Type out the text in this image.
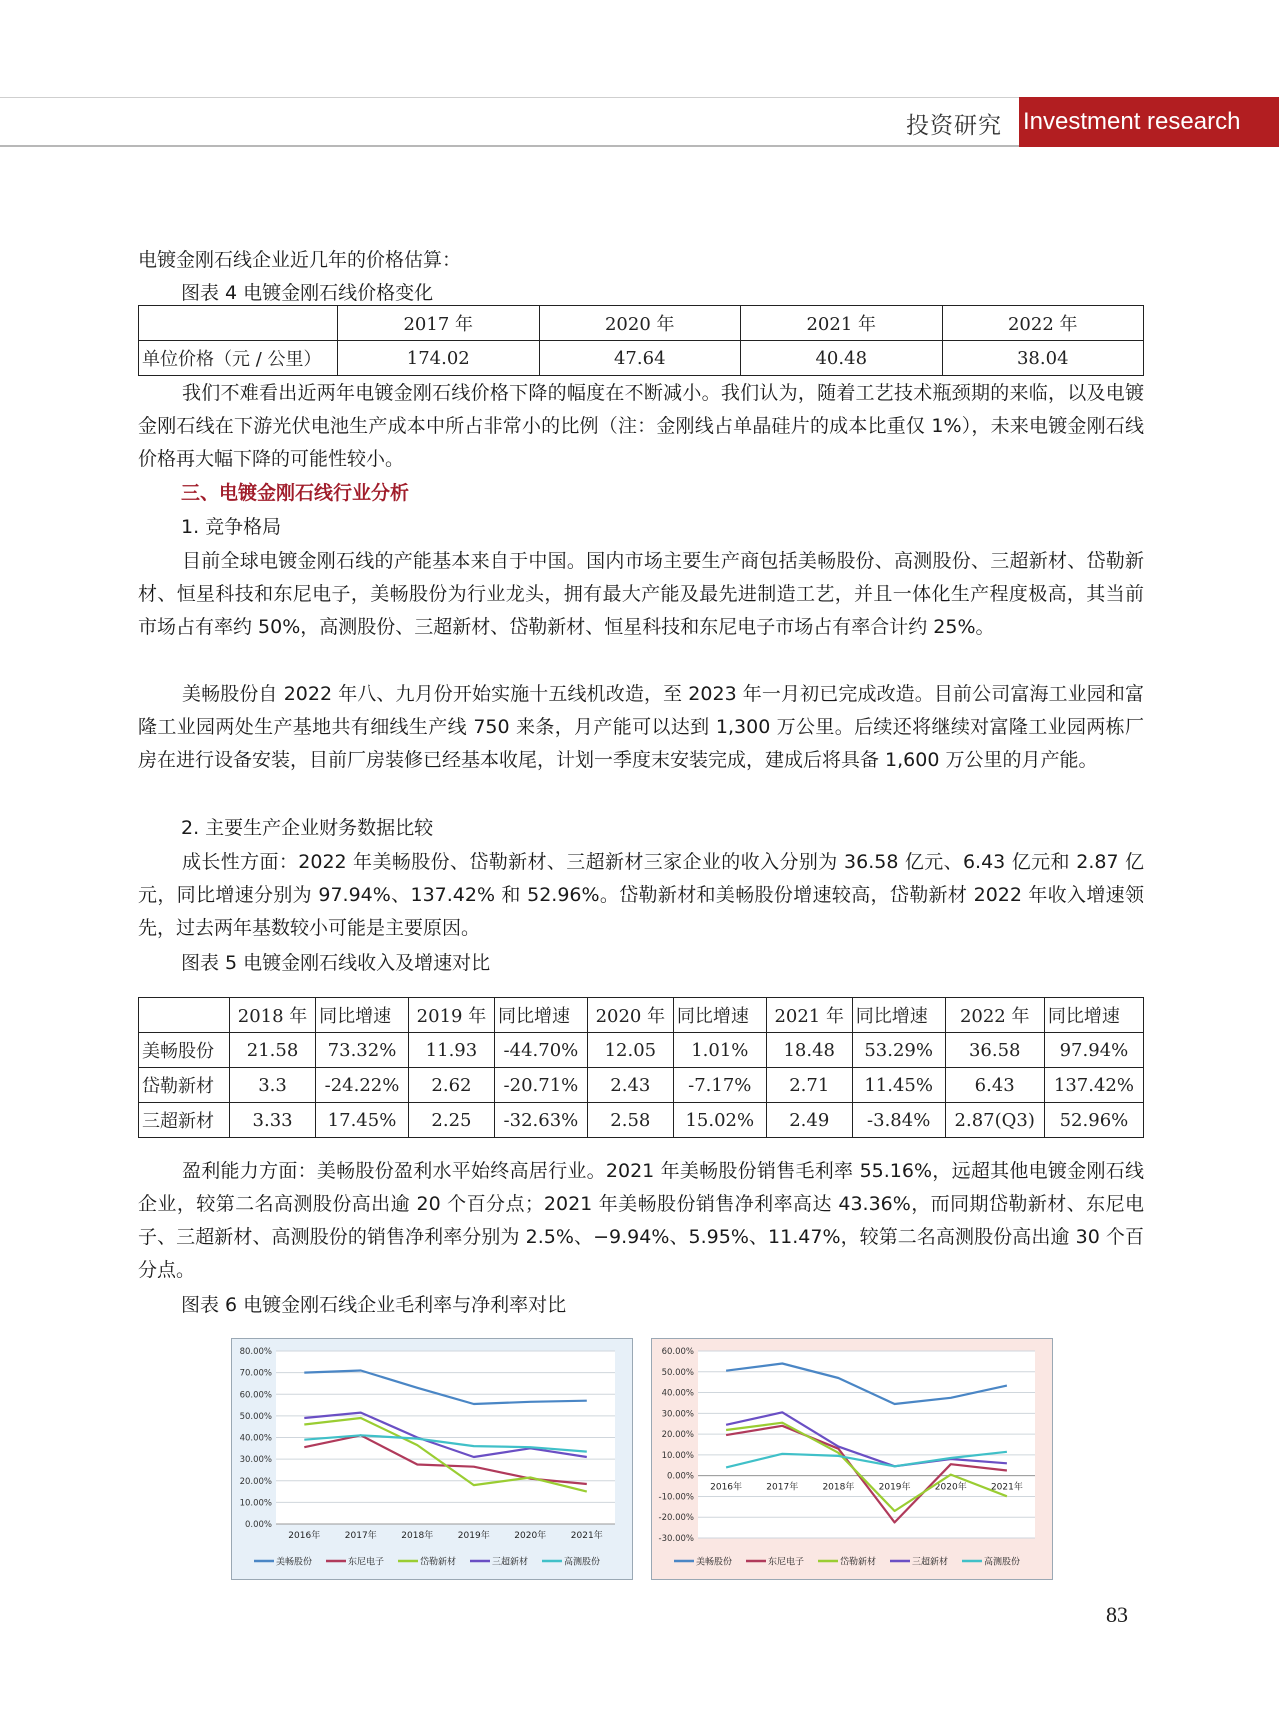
投资研究 Investment research
电镀金刚石线企业近几年的价格估算：
图表 4 电镀金刚石线价格变化
	2017 年	2020 年	2021 年	2022 年
单位价格（元 / 公里）	174.02	47.64	40.48	38.04
我们不难看出近两年电镀金刚石线价格下降的幅度在不断减小。我们认为，随着工艺技术瓶颈期的来临，以及电镀金刚石线在下游光伏电池生产成本中所占非常小的比例（注：金刚线占单晶硅片的成本比重仅 1%），未来电镀金刚石线价格再大幅下降的可能性较小。
三、电镀金刚石线行业分析
1. 竞争格局
目前全球电镀金刚石线的产能基本来自于中国。国内市场主要生产商包括美畅股份、高测股份、三超新材、岱勒新材、恒星科技和东尼电子，美畅股份为行业龙头，拥有最大产能及最先进制造工艺，并且一体化生产程度极高，其当前市场占有率约 50%，高测股份、三超新材、岱勒新材、恒星科技和东尼电子市场占有率合计约 25%。
美畅股份自 2022 年八、九月份开始实施十五线机改造，至 2023 年一月初已完成改造。目前公司富海工业园和富隆工业园两处生产基地共有细线生产线 750 来条，月产能可以达到 1,300 万公里。后续还将继续对富隆工业园两栋厂房在进行设备安装，目前厂房装修已经基本收尾，计划一季度末安装完成，建成后将具备 1,600 万公里的月产能。
2. 主要生产企业财务数据比较
成长性方面：2022 年美畅股份、岱勒新材、三超新材三家企业的收入分别为 36.58 亿元、6.43 亿元和 2.87 亿元，同比增速分别为 97.94%、137.42% 和 52.96%。岱勒新材和美畅股份增速较高，岱勒新材 2022 年收入增速领先，过去两年基数较小可能是主要原因。
图表 5 电镀金刚石线收入及增速对比
	2018 年	同比增速	2019 年	同比增速	2020 年	同比增速	2021 年	同比增速	2022 年	同比增速
美畅股份	21.58	73.32%	11.93	-44.70%	12.05	1.01%	18.48	53.29%	36.58	97.94%
岱勒新材	3.3	-24.22%	2.62	-20.71%	2.43	-7.17%	2.71	11.45%	6.43	137.42%
三超新材	3.33	17.45%	2.25	-32.63%	2.58	15.02%	2.49	-3.84%	2.87(Q3)	52.96%
盈利能力方面：美畅股份盈利水平始终高居行业。2021 年美畅股份销售毛利率 55.16%，远超其他电镀金刚石线企业，较第二名高测股份高出逾 20 个百分点；2021 年美畅股份销售净利率高达 43.36%，而同期岱勒新材、东尼电子、三超新材、高测股份的销售净利率分别为 2.5%、−9.94%、5.95%、11.47%，较第二名高测股份高出逾 30 个百分点。
图表 6 电镀金刚石线企业毛利率与净利率对比
80.00%
70.00%
60.00%
50.00%
40.00%
30.00%
20.00%
10.00%
0.00%
2016年	2017年	2018年	2019年	2020年	2021年
美畅股份	东尼电子	岱勒新材	三超新材	高测股份
60.00%
50.00%
40.00%
30.00%
20.00%
10.00%
0.00%
-10.00%
-20.00%
-30.00%
2016年	2017年	2018年	2019年	2020年	2021年
美畅股份	东尼电子	岱勒新材	三超新材	高测股份
83
